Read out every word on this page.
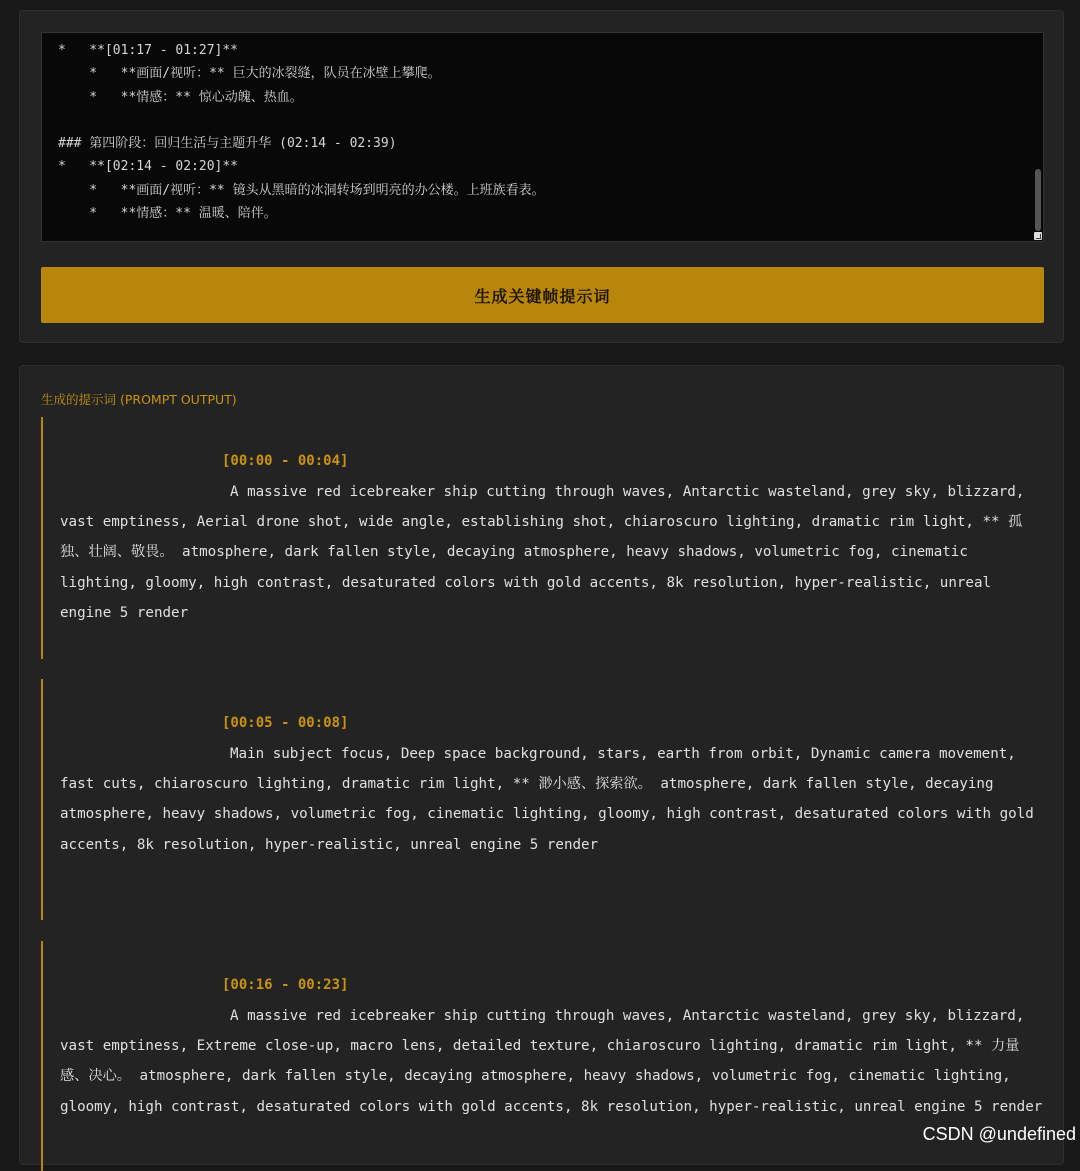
*   **[01:17 - 01:27]**
*   **画面/视听：** 巨大的冰裂缝，队员在冰壁上攀爬。
*   **情感：** 惊心动魄、热血。

### 第四阶段：回归生活与主题升华 (02:14 - 02:39)
*   **[02:14 - 02:20]**
*   **画面/视听：** 镜头从黑暗的冰洞转场到明亮的办公楼。上班族看表。
*   **情感：** 温暖、陪伴。
生成关键帧提示词
生成的提示词 (PROMPT OUTPUT)
[00:00 - 00:04]

A massive red icebreaker ship cutting through waves, Antarctic wasteland, grey sky, blizzard, vast emptiness, Aerial drone shot, wide angle, establishing shot, chiaroscuro lighting, dramatic rim light, ** 孤独、壮阔、敬畏。 atmosphere, dark fallen style, decaying atmosphere, heavy shadows, volumetric fog, cinematic lighting, gloomy, high contrast, desaturated colors with gold accents, 8k resolution, hyper-realistic, unreal engine 5 render

[00:05 - 00:08]

Main subject focus, Deep space background, stars, earth from orbit, Dynamic camera movement, fast cuts, chiaroscuro lighting, dramatic rim light, ** 渺小感、探索欲。 atmosphere, dark fallen style, decaying atmosphere, heavy shadows, volumetric fog, cinematic lighting, gloomy, high contrast, desaturated colors with gold accents, 8k resolution, hyper-realistic, unreal engine 5 render

[00:16 - 00:23]

A massive red icebreaker ship cutting through waves, Antarctic wasteland, grey sky, blizzard, vast emptiness, Extreme close-up, macro lens, detailed texture, chiaroscuro lighting, dramatic rim light, ** 力量感、决心。 atmosphere, dark fallen style, decaying atmosphere, heavy shadows, volumetric fog, cinematic lighting, gloomy, high contrast, desaturated colors with gold accents, 8k resolution, hyper-realistic, unreal engine 5 render

CSDN @undefined
